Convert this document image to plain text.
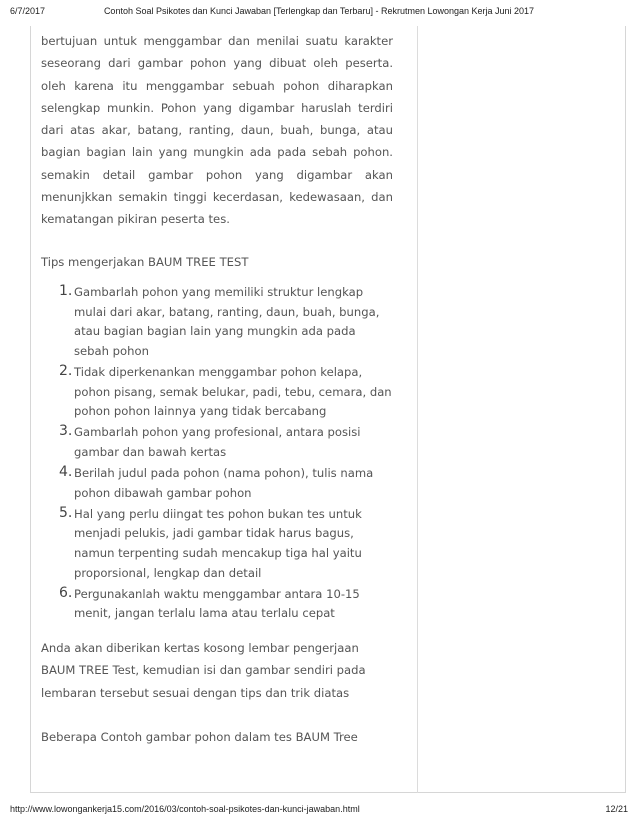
6/7/2017	Contoh Soal Psikotes dan Kunci Jawaban [Terlengkap dan Terbaru] - Rekrutmen Lowongan Kerja Juni 2017

bertujuan untuk menggambar dan menilai suatu karakter seseorang dari gambar pohon yang dibuat oleh peserta. oleh karena itu menggambar sebuah pohon diharapkan selengkap munkin. Pohon yang digambar haruslah terdiri dari atas akar, batang, ranting, daun, buah, bunga, atau bagian bagian lain yang mungkin ada pada sebah pohon. semakin detail gambar pohon yang digambar akan menunjkkan semakin tinggi kecerdasan, kedewasaan, dan kematangan pikiran peserta tes.

Tips mengerjakan BAUM TREE TEST

1. Gambarlah pohon yang memiliki struktur lengkap mulai dari akar, batang, ranting, daun, buah, bunga, atau bagian bagian lain yang mungkin ada pada sebah pohon
2. Tidak diperkenankan menggambar pohon kelapa, pohon pisang, semak belukar, padi, tebu, cemara, dan pohon pohon lainnya yang tidak bercabang
3. Gambarlah pohon yang profesional, antara posisi gambar dan bawah kertas
4. Berilah judul pada pohon (nama pohon), tulis nama pohon dibawah gambar pohon
5. Hal yang perlu diingat tes pohon bukan tes untuk menjadi pelukis, jadi gambar tidak harus bagus, namun terpenting sudah mencakup tiga hal yaitu proporsional, lengkap dan detail
6. Pergunakanlah waktu menggambar antara 10-15 menit, jangan terlalu lama atau terlalu cepat

Anda akan diberikan kertas kosong lembar pengerjaan BAUM TREE Test, kemudian isi dan gambar sendiri pada lembaran tersebut sesuai dengan tips dan trik diatas

Beberapa Contoh gambar pohon dalam tes BAUM Tree

http://www.lowongankerja15.com/2016/03/contoh-soal-psikotes-dan-kunci-jawaban.html	12/21
